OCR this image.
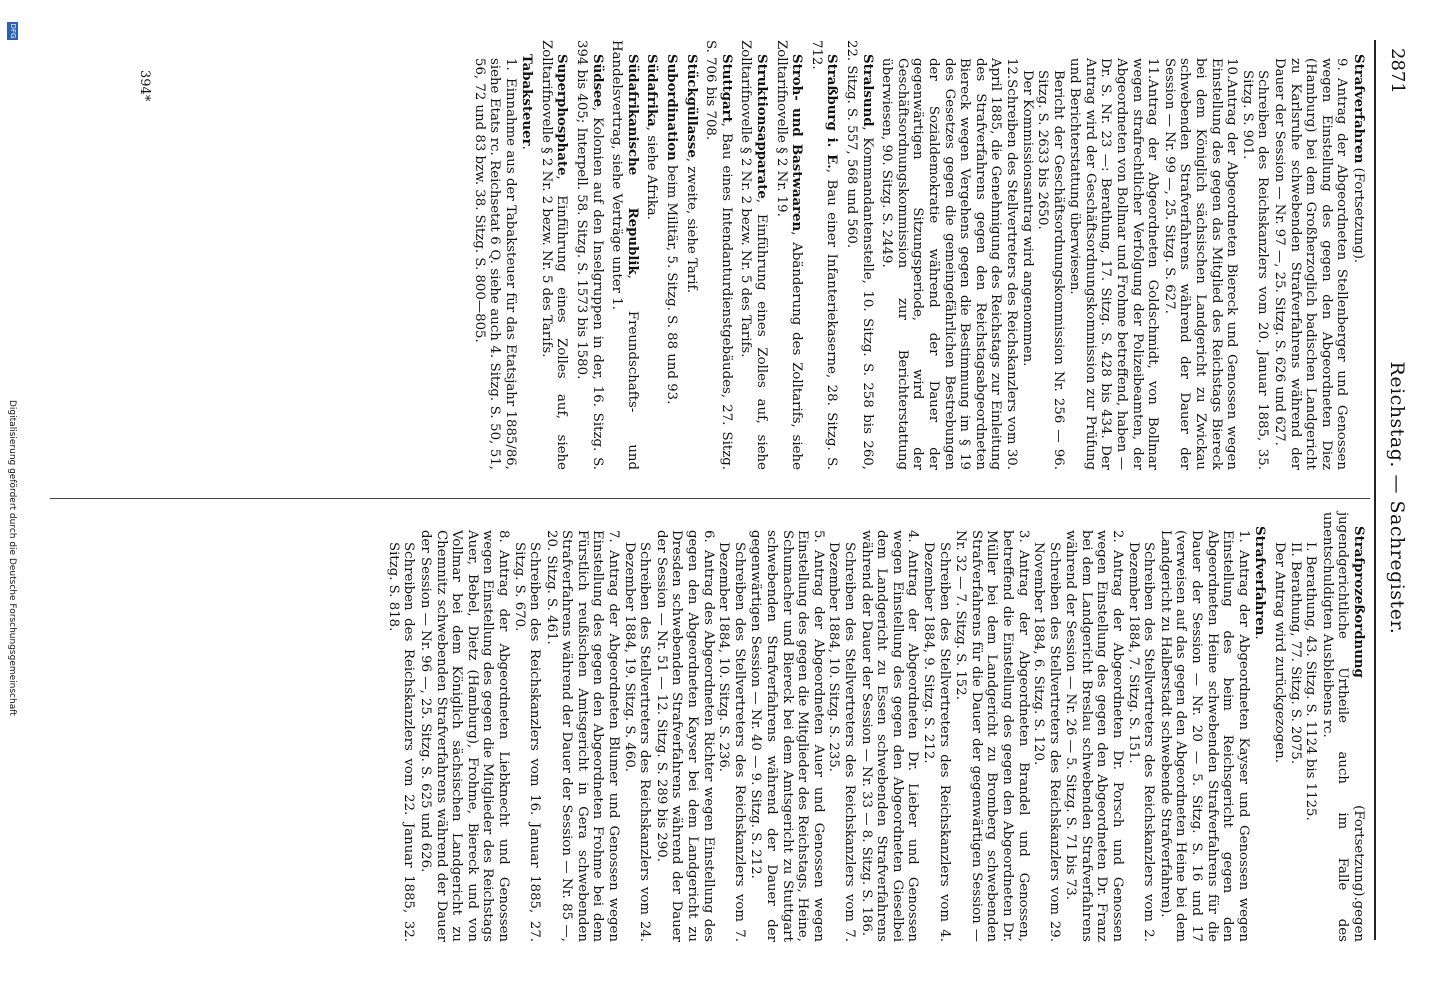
2871
Reichstag. — Sachregister.
Strafverfahren (Fortsetzung).
9.Antrag der Abgeordneten Stellenberger und Genossen wegen Einstellung des gegen den Abgeordneten Diez (Hamburg) bei dem Großherzoglich badischen Landgericht zu Karlsruhe schwebenden Strafverfahrens während der Dauer der Session — Nr. 97 —, 25. Sitzg. S. 626 und 627.
Schreiben des Reichskanzlers vom 20. Januar 1885, 35. Sitzg. S. 901.
10.Antrag der Abgeordneten Biereck und Genossen wegen Einstellung des gegen das Mitglied des Reichstags Biereck bei dem Königlich sächsischen Landgericht zu Zwickau schwebenden Strafverfahrens während der Dauer der Session — Nr. 99 —, 25. Sitzg. S. 627.
11.Antrag der Abgeordneten Goldschmidt, von Bollmar wegen strafrechtlicher Verfolgung der Polizeibeamten, der Abgeordneten von Bollmar und Frohme betreffend, haben — Dr. S. Nr. 23 —: Berathung, 17. Sitzg. S. 428 bis 434. Der Antrag wird der Geschäftsordnungskommission zur Prüfung und Berichterstattung überwiesen.
Bericht der Geschäftsordnungskommission Nr. 256 — 96. Sitzg. S. 2633 bis 2650.
Der Kommissionsantrag wird angenommen.
12.Schreiben des Stellvertreters des Reichskanzlers vom 30. April 1885, die Genehmigung des Reichstags zur Einleitung des Strafverfahrens gegen den Reichstagsabgeordneten Biereck wegen Vergehens gegen die Bestimmung im § 19 des Gesetzes gegen die gemeingefährlichen Bestrebungen der Sozialdemokratie während der Dauer der gegenwärtigen Sitzungsperiode, wird der Geschäftsordnungskommission zur Berichterstattung überwiesen, 90. Sitzg. S. 2449.
Stralsund, Kommandantenstelle, 10. Sitzg. S. 258 bis 260, 22. Sitzg. S. 557, 568 und 560.
Straßburg i. E., Bau einer Infanteriekaserne, 28. Sitzg. S. 712.
Stroh- und Bastwaaren, Abänderung des Zolltarifs, siehe Zolltarifnovelle § 2 Nr. 19.
Struktionsapparate, Einführung eines Zolles auf, siehe Zolltarifnovelle § 2 Nr. 2 bezw. Nr. 5 des Tarifs.
Stuttgart, Bau eines Intendanturdienstgebäudes, 27. Sitzg. S. 706 bis 708.
Stückgüllasse, zweite, siehe Tarif.
Subordination beim Militär, 5. Sitzg. S. 88 und 93.
Südafrika, siehe Afrika.
Südafrikanische Republik, Freundschafts- und Handelsvertrag, siehe Verträge unter 1.
Südsee, Kolonien auf den Inselgruppen in der, 16. Sitzg. S. 394 bis 405; Interpell. 58. Sitzg. S. 1573 bis 1580.
Superphosphate, Einführung eines Zolles auf, siehe Zolltarifnovelle § 2 Nr. 2 bezw. Nr. 5 des Tarifs.
Tabaksteuer.
1.Einnahme aus der Tabaksteuer für das Etatsjahr 1885/86, siehe Etats rc. Reichsetat 6 Q. siehe auch 4. Sitzg. S. 50, 51, 56, 72 und 83 bzw. 38. Sitzg. S. 800—805.
Strafprozeßordnung (Fortsetzung).gegen jugendgerichtliche Urtheile auch im Falle des unentschuldigten Ausbleibens rc.
I. Berathung, 43. Sitzg. S. 1124 bis 1125.
II. Berathung, 77. Sitzg. S. 2075.
Der Antrag wird zurückgezogen.
Strafverfahren.
1.Antrag der Abgeordneten Kayser und Genossen wegen Einstellung des beim Reichsgericht gegen den Abgeordneten Heine schwebenden Strafverfahrens für die Dauer der Session — Nr. 20 — 5. Sitzg. S. 16 und 17 (verweisen auf das gegen den Abgeordneten Heine bei dem Landgericht zu Halberstadt schwebende Strafverfahren).
Schreiben des Stellvertreters des Reichskanzlers vom 2. Dezember 1884, 7. Sitzg. S. 151.
2.Antrag der Abgeordneten Dr. Porsch und Genossen wegen Einstellung des gegen den Abgeordneten Dr. Franz bei dem Landgericht Breslau schwebenden Strafverfahrens während der Session — Nr. 26 — 5. Sitzg. S. 71 bis 73.
Schreiben des Stellvertreters des Reichskanzlers vom 29. November 1884, 6. Sitzg. S. 120.
3.Antrag der Abgeordneten Brandel und Genossen, betreffend die Einstellung des gegen den Abgeordneten Dr. Müller bei dem Landgericht zu Bromberg schwebenden Strafverfahrens für die Dauer der gegenwärtigen Session — Nr. 32 — 7. Sitzg. S. 152.
Schreiben des Stellvertreters des Reichskanzlers vom 4. Dezember 1884, 9. Sitzg. S. 212.
4.Antrag der Abgeordneten Dr. Lieber und Genossen wegen Einstellung des gegen den Abgeordneten Gieselbei dem Landgericht zu Essen schwebenden Strafverfahrens während der Dauer der Session — Nr. 33 — 8. Sitzg. S. 186.
Schreiben des Stellvertreters des Reichskanzlers vom 7. Dezember 1884, 10. Sitzg. S. 235.
5.Antrag der Abgeordneten Auer und Genossen wegen Einstellung des gegen die Mitglieder des Reichstags, Heine, Schumacher und Biereck bei dem Amtsgericht zu Stuttgart schwebenden Strafverfahrens während der Dauer der gegenwärtigen Session — Nr. 40 — 9. Sitzg. S. 212.
Schreiben des Stellvertreters des Reichskanzlers vom 7. Dezember 1884, 10. Sitzg. S. 236.
6.Antrag des Abgeordneten Richter wegen Einstellung des gegen den Abgeordneten Kayser bei dem Landgericht zu Dresden schwebenden Strafverfahrens während der Dauer der Session — Nr. 51 — 12. Sitzg. S. 289 bis 290.
Schreiben des Stellvertreters des Reichskanzlers vom 24. Dezember 1884, 19. Sitzg. S. 460.
7.Antrag der Abgeordneten Blumer und Genossen wegen Einstellung des gegen den Abgeordneten Frohme bei dem Fürstlich reußischen Amtsgericht in Gera schwebenden Strafverfahrens während der Dauer der Session — Nr. 85 —, 20. Sitzg. S. 461.
Schreiben des Reichskanzlers vom 16. Januar 1885, 27. Sitzg. S. 670.
8.Antrag der Abgeordneten Liebknecht und Genossen wegen Einstellung des gegen die Mitglieder des Reichstags Auer, Bebel, Dietz (Hamburg), Frohme, Biereck und von Vollmar bei dem Königlich sächsischen Landgericht zu Chemnitz schwebenden Strafverfahrens während der Dauer der Session — Nr. 96 —, 25. Sitzg. S. 625 und 626.
Schreiben des Reichskanzlers vom 22. Januar 1885, 32. Sitzg. S. 818.
394*
Digitalisierung gefördert durch die Deutsche Forschungsgemeinschaft
DFG
